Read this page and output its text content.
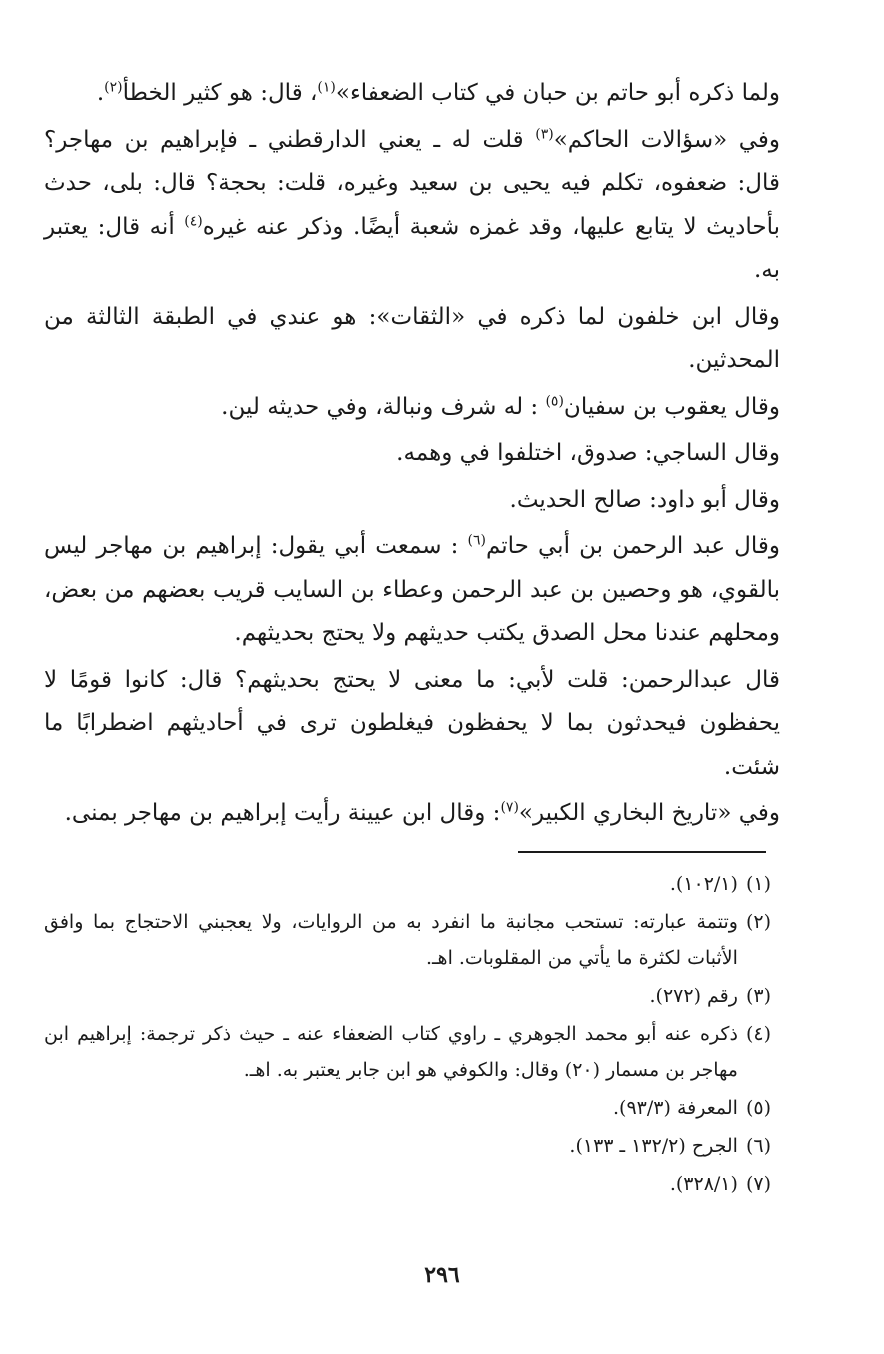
ولما ذكره أبو حاتم بن حبان في كتاب الضعفاء»$^{(١)}$، قال: هو كثير الخطأ$^{(٢)}$.

وفي «سؤالات الحاكم»$^{(٣)}$ قلت له ـ يعني الدارقطني ـ فإبراهيم بن مهاجر؟ قال: ضعفوه، تكلم فيه يحيى بن سعيد وغيره، قلت: بحجة؟ قال: بلى، حدث بأحاديث لا يتابع عليها، وقد غمزه شعبة أيضًا. وذكر عنه غيره$^{(٤)}$ أنه قال: يعتبر به.

وقال ابن خلفون لما ذكره في «الثقات»: هو عندي في الطبقة الثالثة من المحدثين.

وقال يعقوب بن سفيان$^{(٥)}$ : له شرف ونبالة، وفي حديثه لين.

وقال الساجي: صدوق، اختلفوا في وهمه.

وقال أبو داود: صالح الحديث.

وقال عبد الرحمن بن أبي حاتم$^{(٦)}$ : سمعت أبي يقول: إبراهيم بن مهاجر ليس بالقوي، هو وحصين بن عبد الرحمن وعطاء بن السايب قريب بعضهم من بعض، ومحلهم عندنا محل الصدق يكتب حديثهم ولا يحتج بحديثهم.

قال عبدالرحمن: قلت لأبي: ما معنى لا يحتج بحديثهم؟ قال: كانوا قومًا لا يحفظون فيحدثون بما لا يحفظون فيغلطون ترى في أحاديثهم اضطرابًا ما شئت.

وفي «تاريخ البخاري الكبير»$^{(٧)}$: وقال ابن عيينة رأيت إبراهيم بن مهاجر بمنى.

(١)
(١٠٢/١).
(٢)
وتتمة عبارته: تستحب مجانبة ما انفرد به من الروايات، ولا يعجبني الاحتجاج بما وافق الأثبات لكثرة ما يأتي من المقلوبات. اهـ.
(٣)
رقم (٢٧٢).
(٤)
ذكره عنه أبو محمد الجوهري ـ راوي كتاب الضعفاء عنه ـ حيث ذكر ترجمة: إبراهيم ابن مهاجر بن مسمار (٢٠) وقال: والكوفي هو ابن جابر يعتبر به. اهـ.
(٥)
المعرفة (٩٣/٣).
(٦)
الجرح (١٣٢/٢ ـ ١٣٣).
(٧)
(٣٢٨/١).
٢٩٦
